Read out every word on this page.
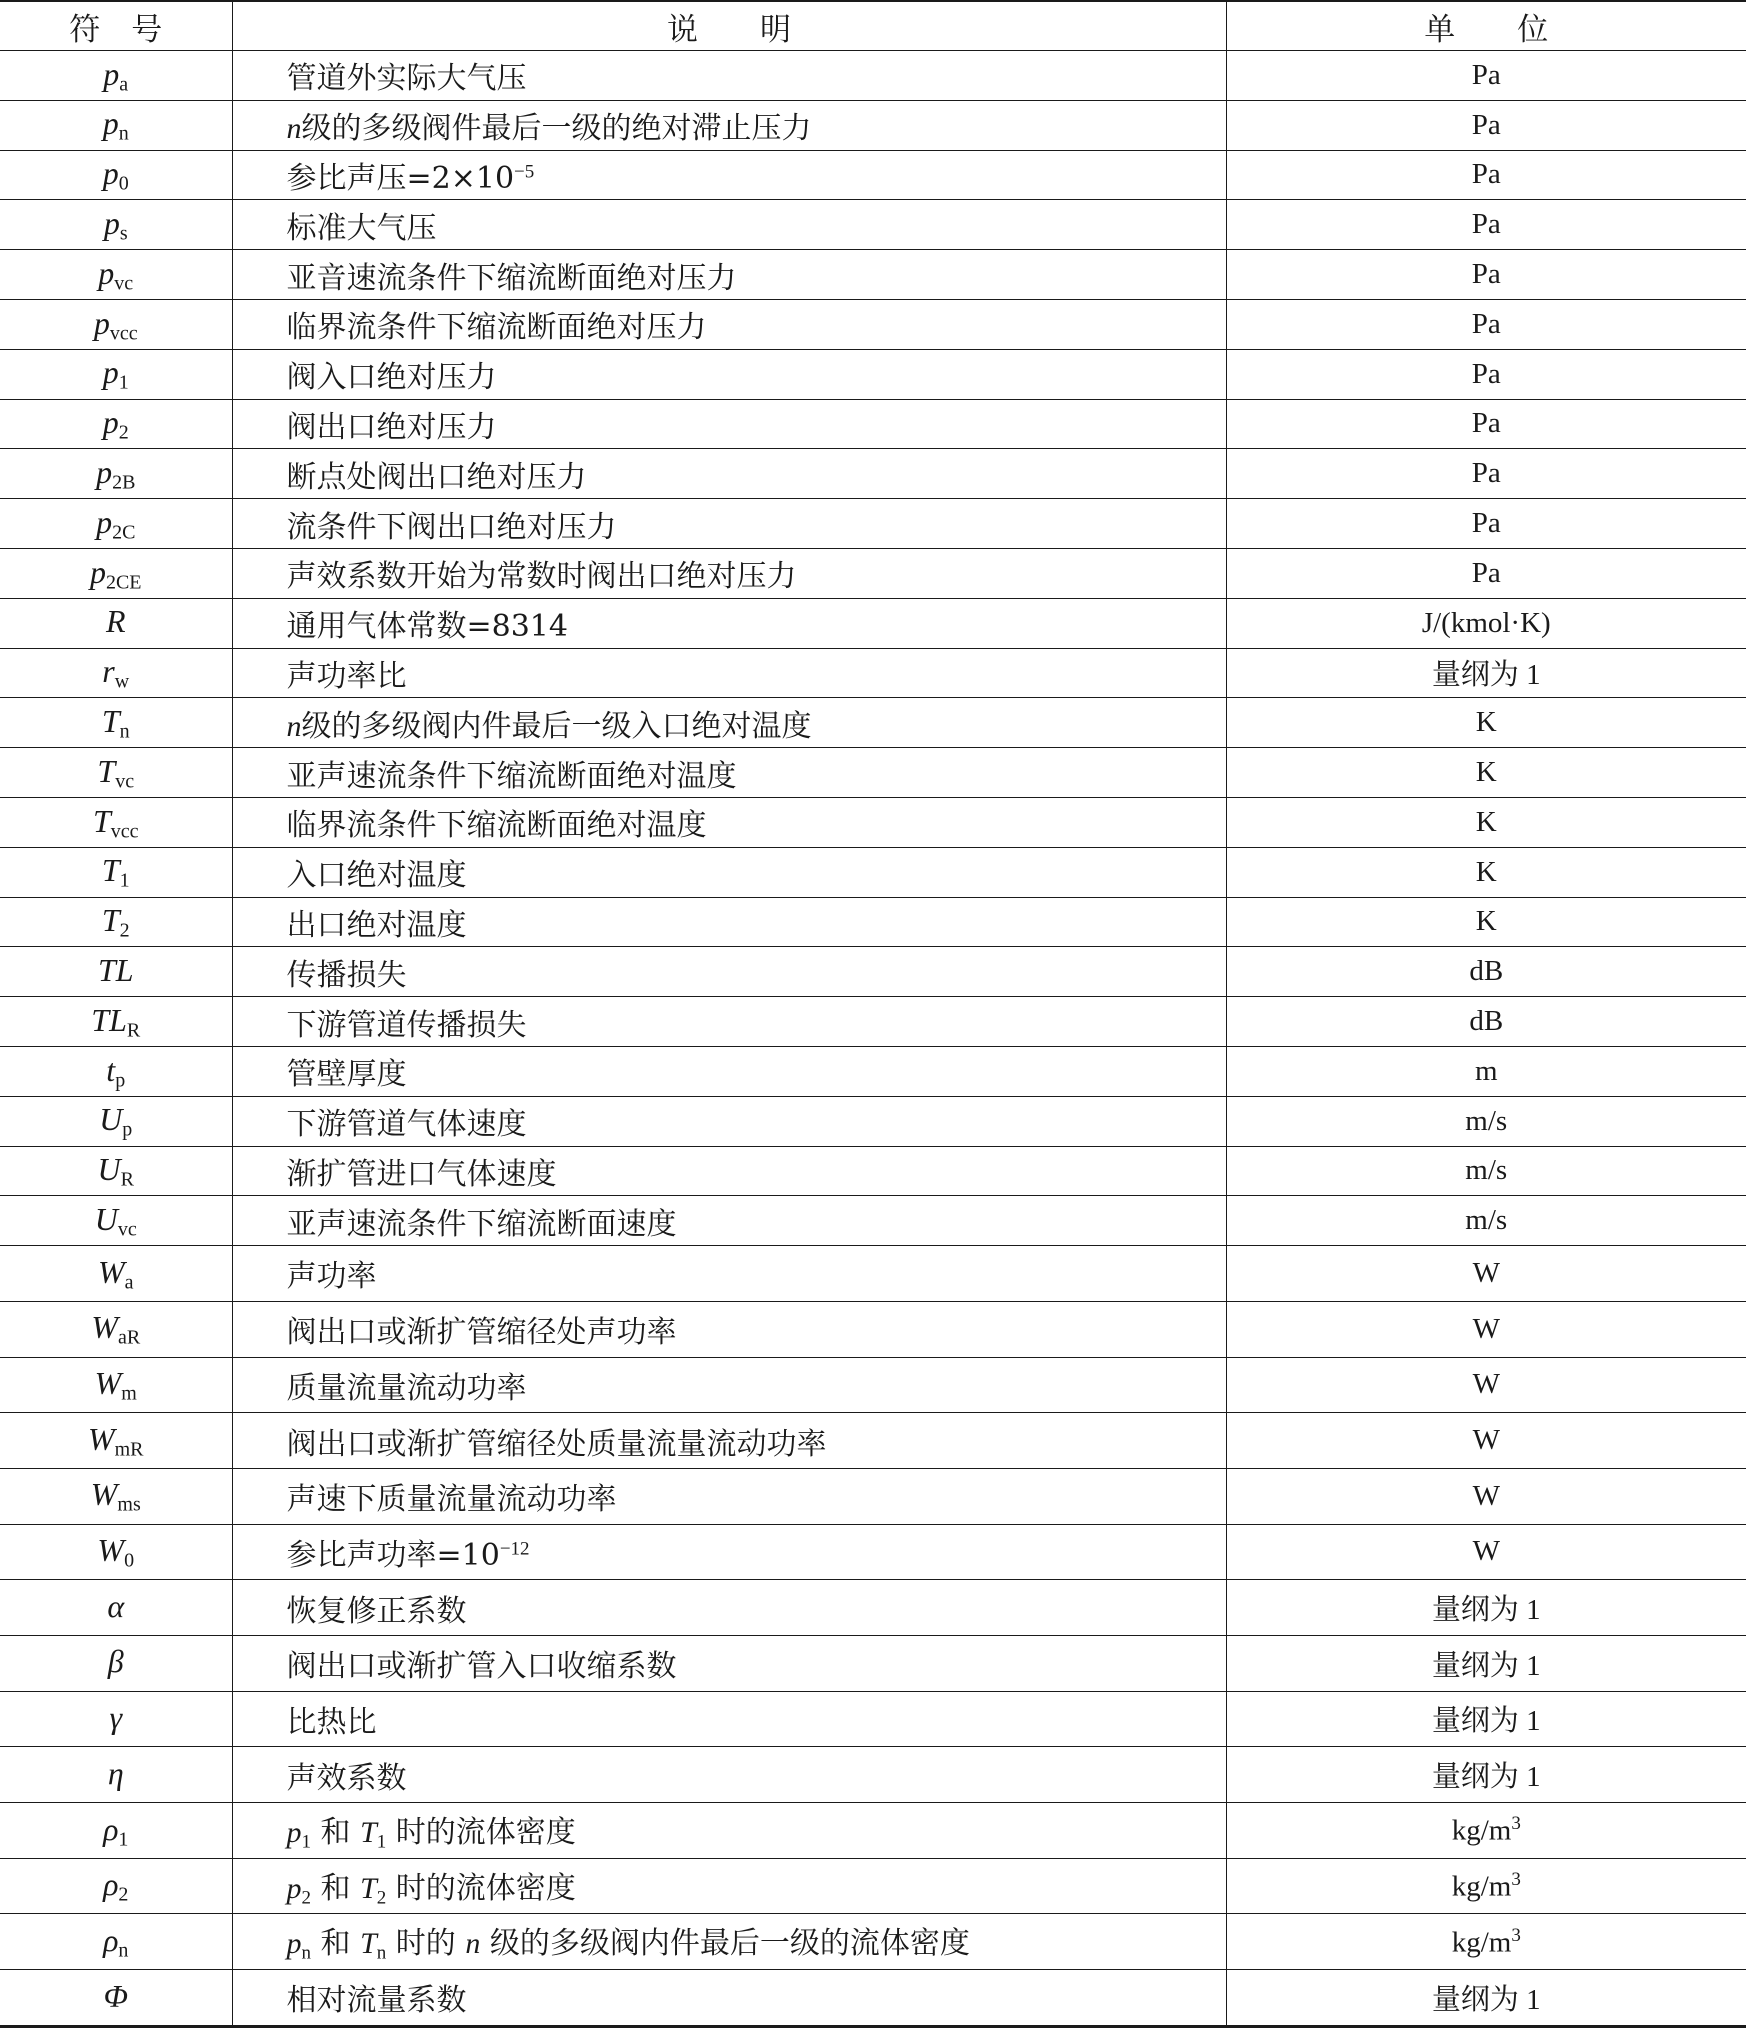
符　号	说　　明	单　　位
$p_a$	管道外实际大气压	Pa
$p_n$	n级的多级阀件最后一级的绝对滞止压力	Pa
$p_0$	参比声压$=2\times 10^{-5}$	Pa
$p_s$	标准大气压	Pa
$p_{vc}$	亚音速流条件下缩流断面绝对压力	Pa
$p_{vcc}$	临界流条件下缩流断面绝对压力	Pa
$p_1$	阀入口绝对压力	Pa
$p_2$	阀出口绝对压力	Pa
$p_{2B}$	断点处阀出口绝对压力	Pa
$p_{2C}$	流条件下阀出口绝对压力	Pa
$p_{2CE}$	声效系数开始为常数时阀出口绝对压力	Pa
R	通用气体常数=8314	J/(kmol·K)
$r_w$	声功率比	量纲为 1
$T_n$	n级的多级阀内件最后一级入口绝对温度	K
$T_{vc}$	亚声速流条件下缩流断面绝对温度	K
$T_{vcc}$	临界流条件下缩流断面绝对温度	K
$T_1$	入口绝对温度	K
$T_2$	出口绝对温度	K
TL	传播损失	dB
$TL_R$	下游管道传播损失	dB
$t_p$	管壁厚度	m
$U_p$	下游管道气体速度	m/s
$U_R$	渐扩管进口气体速度	m/s
$U_{vc}$	亚声速流条件下缩流断面速度	m/s
$W_a$	声功率	W
$W_{aR}$	阀出口或渐扩管缩径处声功率	W
$W_m$	质量流量流动功率	W
$W_{mR}$	阀出口或渐扩管缩径处质量流量流动功率	W
$W_{ms}$	声速下质量流量流动功率	W
$W_0$	参比声功率$=10^{-12}$	W
α	恢复修正系数	量纲为 1
β	阀出口或渐扩管入口收缩系数	量纲为 1
γ	比热比	量纲为 1
η	声效系数	量纲为 1
$\rho_1$	$p_1$ 和 $T_1$ 时的流体密度	$kg/m^3$
$\rho_2$	$p_2$ 和 $T_2$ 时的流体密度	$kg/m^3$
$\rho_n$	$p_n$ 和 $T_n$ 时的 n 级的多级阀内件最后一级的流体密度	$kg/m^3$
Φ	相对流量系数	量纲为 1
